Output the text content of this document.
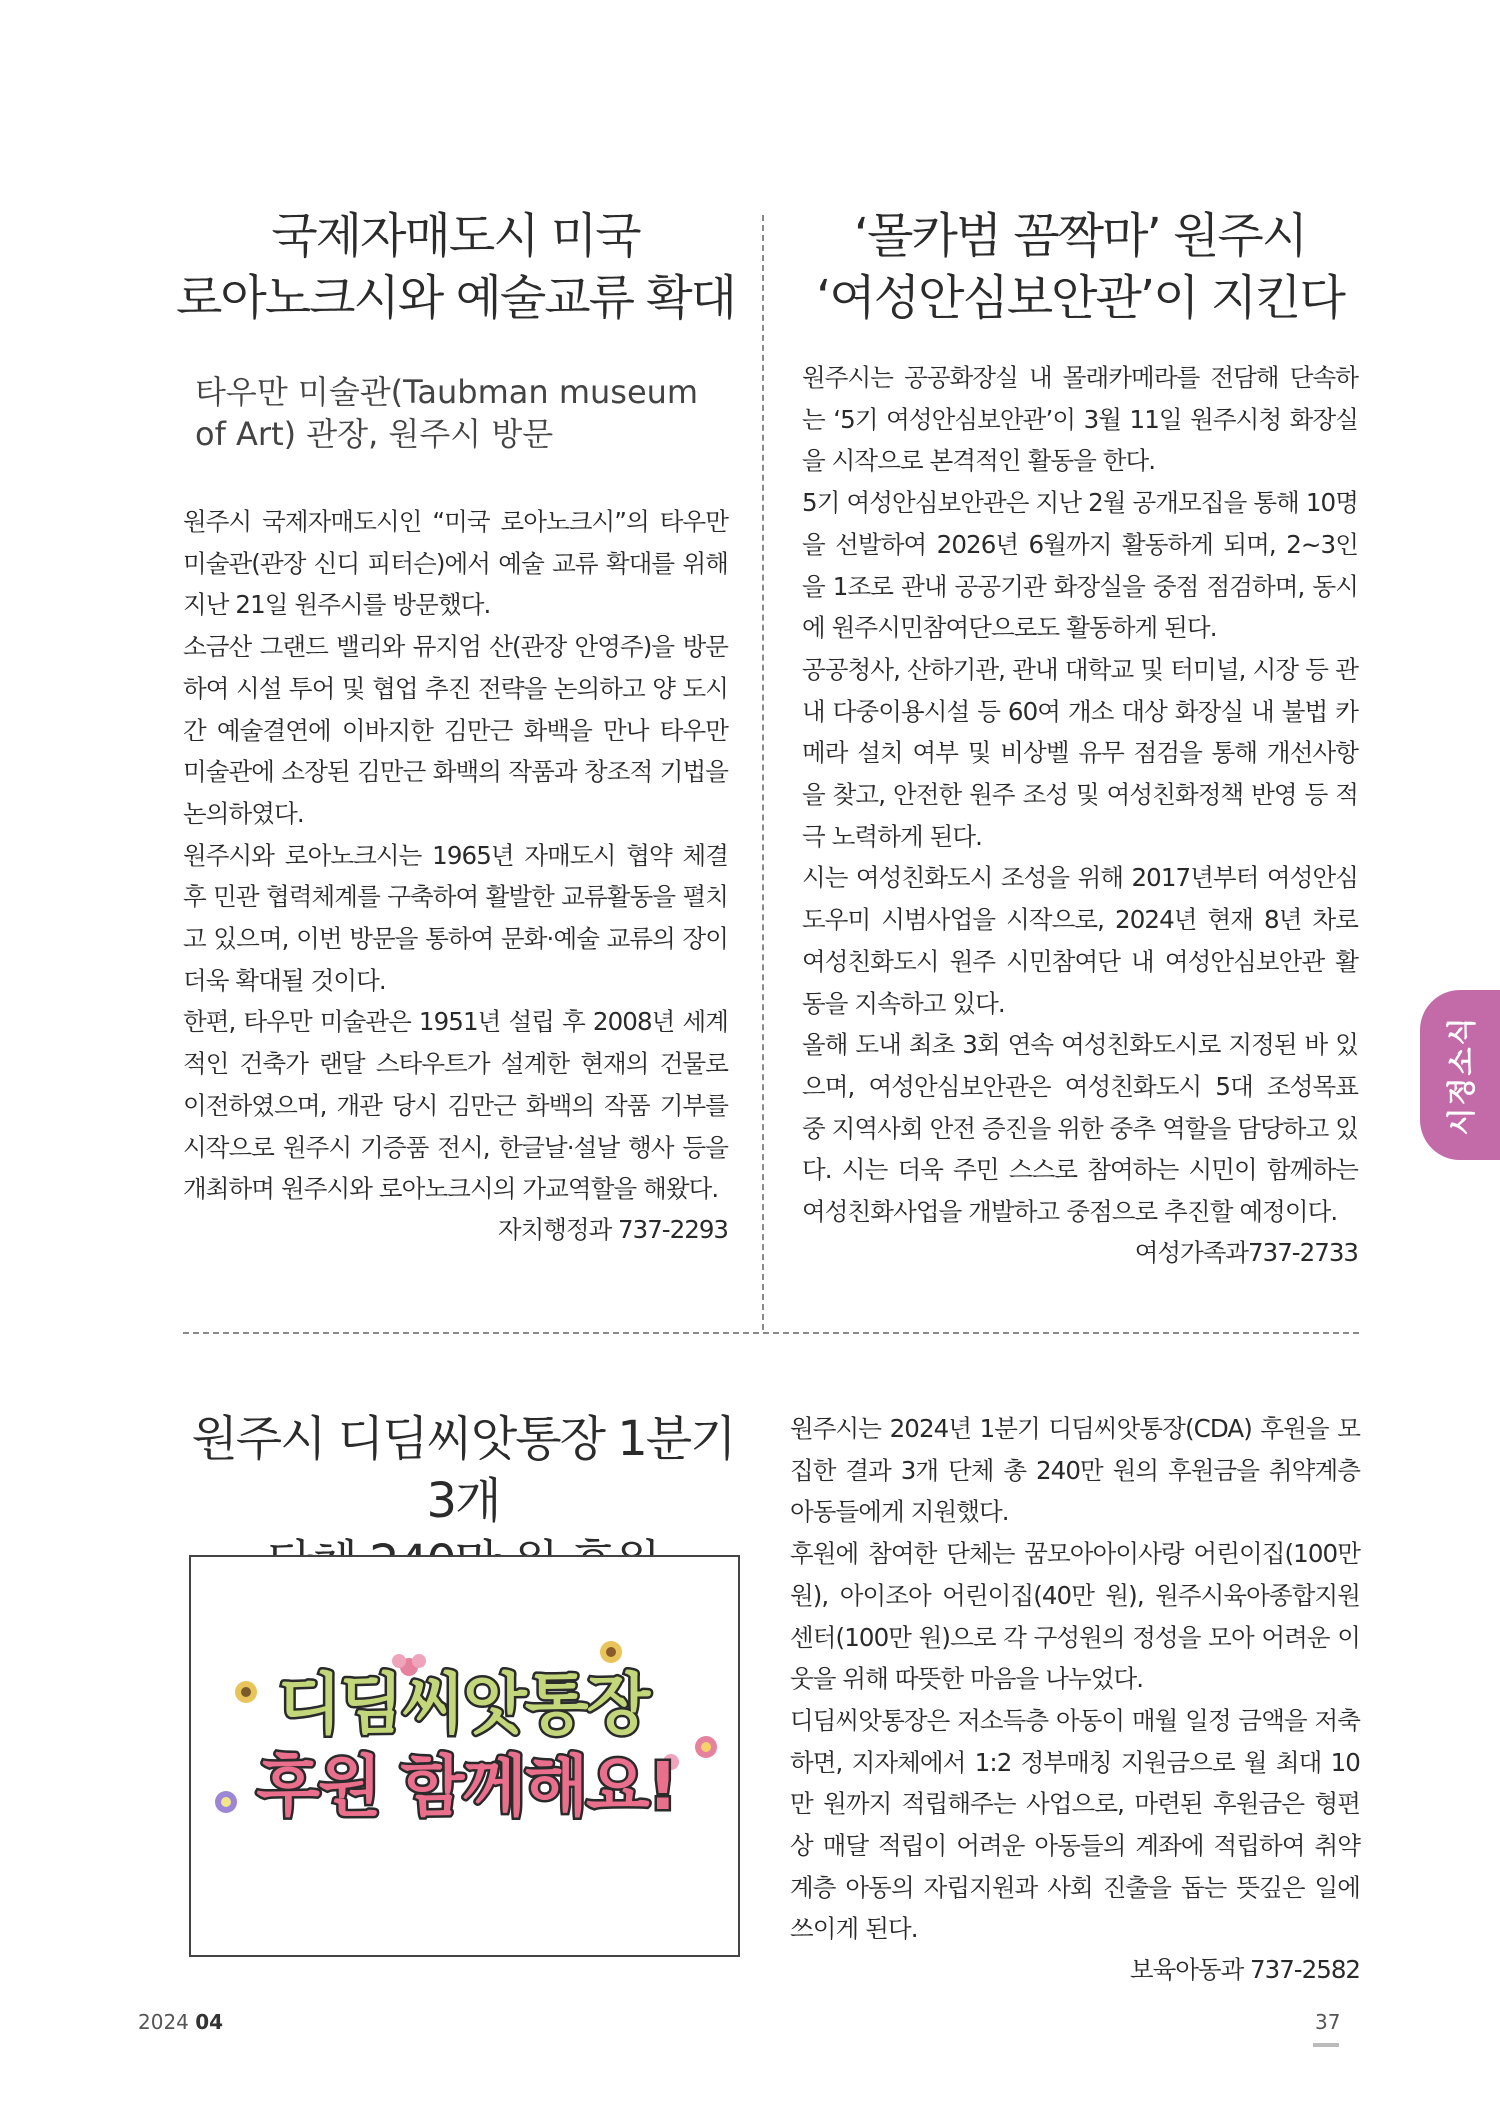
국제자매도시 미국
로아노크시와 예술교류 확대

타우만 미술관(Taubman museum of Art) 관장, 원주시 방문

원주시 국제자매도시인 “미국 로아노크시”의 타우만 미술관(관장 신디 피터슨)에서 예술 교류 확대를 위해 지난 21일 원주시를 방문했다.

소금산 그랜드 밸리와 뮤지엄 산(관장 안영주)을 방문하여 시설 투어 및 협업 추진 전략을 논의하고 양 도시 간 예술결연에 이바지한 김만근 화백을 만나 타우만 미술관에 소장된 김만근 화백의 작품과 창조적 기법을 논의하였다.

원주시와 로아노크시는 1965년 자매도시 협약 체결 후 민관 협력체계를 구축하여 활발한 교류활동을 펼치고 있으며, 이번 방문을 통하여 문화·예술 교류의 장이 더욱 확대될 것이다.

한편, 타우만 미술관은 1951년 설립 후 2008년 세계적인 건축가 랜달 스타우트가 설계한 현재의 건물로 이전하였으며, 개관 당시 김만근 화백의 작품 기부를 시작으로 원주시 기증품 전시, 한글날·설날 행사 등을 개최하며 원주시와 로아노크시의 가교역할을 해왔다.

자치행정과 737-2293
‘몰카범 꼼짝마’ 원주시
‘여성안심보안관’이 지킨다

원주시는 공공화장실 내 몰래카메라를 전담해 단속하는 ‘5기 여성안심보안관’이 3월 11일 원주시청 화장실을 시작으로 본격적인 활동을 한다.

5기 여성안심보안관은 지난 2월 공개모집을 통해 10명을 선발하여 2026년 6월까지 활동하게 되며, 2~3인을 1조로 관내 공공기관 화장실을 중점 점검하며, 동시에 원주시민참여단으로도 활동하게 된다.

공공청사, 산하기관, 관내 대학교 및 터미널, 시장 등 관내 다중이용시설 등 60여 개소 대상 화장실 내 불법 카메라 설치 여부 및 비상벨 유무 점검을 통해 개선사항 을 찾고, 안전한 원주 조성 및 여성친화정책 반영 등 적극 노력하게 된다.

시는 여성친화도시 조성을 위해 2017년부터 여성안심도우미 시범사업을 시작으로, 2024년 현재 8년 차로 여성친화도시 원주 시민참여단 내 여성안심보안관 활동을 지속하고 있다.

올해 도내 최초 3회 연속 여성친화도시로 지정된 바 있으며, 여성안심보안관은 여성친화도시 5대 조성목표 중 지역사회 안전 증진을 위한 중추 역할을 담당하고 있다. 시는 더욱 주민 스스로 참여하는 시민이 함께하는 여성친화사업을 개발하고 중점으로 추진할 예정이다.

여성가족과737-2733
원주시 디딤씨앗통장 1분기 3개

디딤씨앗통장
후원 함께해요!

원주시는 2024년 1분기 디딤씨앗통장(CDA) 후원을 모집한 결과 3개 단체 총 240만 원의 후원금을 취약계층 아동들에게 지원했다.

후원에 참여한 단체는 꿈모아아이사랑 어린이집(100만 원), 아이조아 어린이집(40만 원), 원주시육아종합지원센터(100만 원)으로 각 구성원의 정성을 모아 어려운 이웃을 위해 따뜻한 마음을 나누었다.

디딤씨앗통장은 저소득층 아동이 매월 일정 금액을 저축하면, 지자체에서 1:2 정부매칭 지원금으로 월 최대 10만 원까지 적립해주는 사업으로, 마련된 후원금은 형편상 매달 적립이 어려운 아동들의 계좌에 적립하여 취약계층 아동의 자립지원과 사회 진출을 돕는 뜻깊은 일에 쓰이게 된다.

보육아동과 737-2582
시정소식
2024 04	37
